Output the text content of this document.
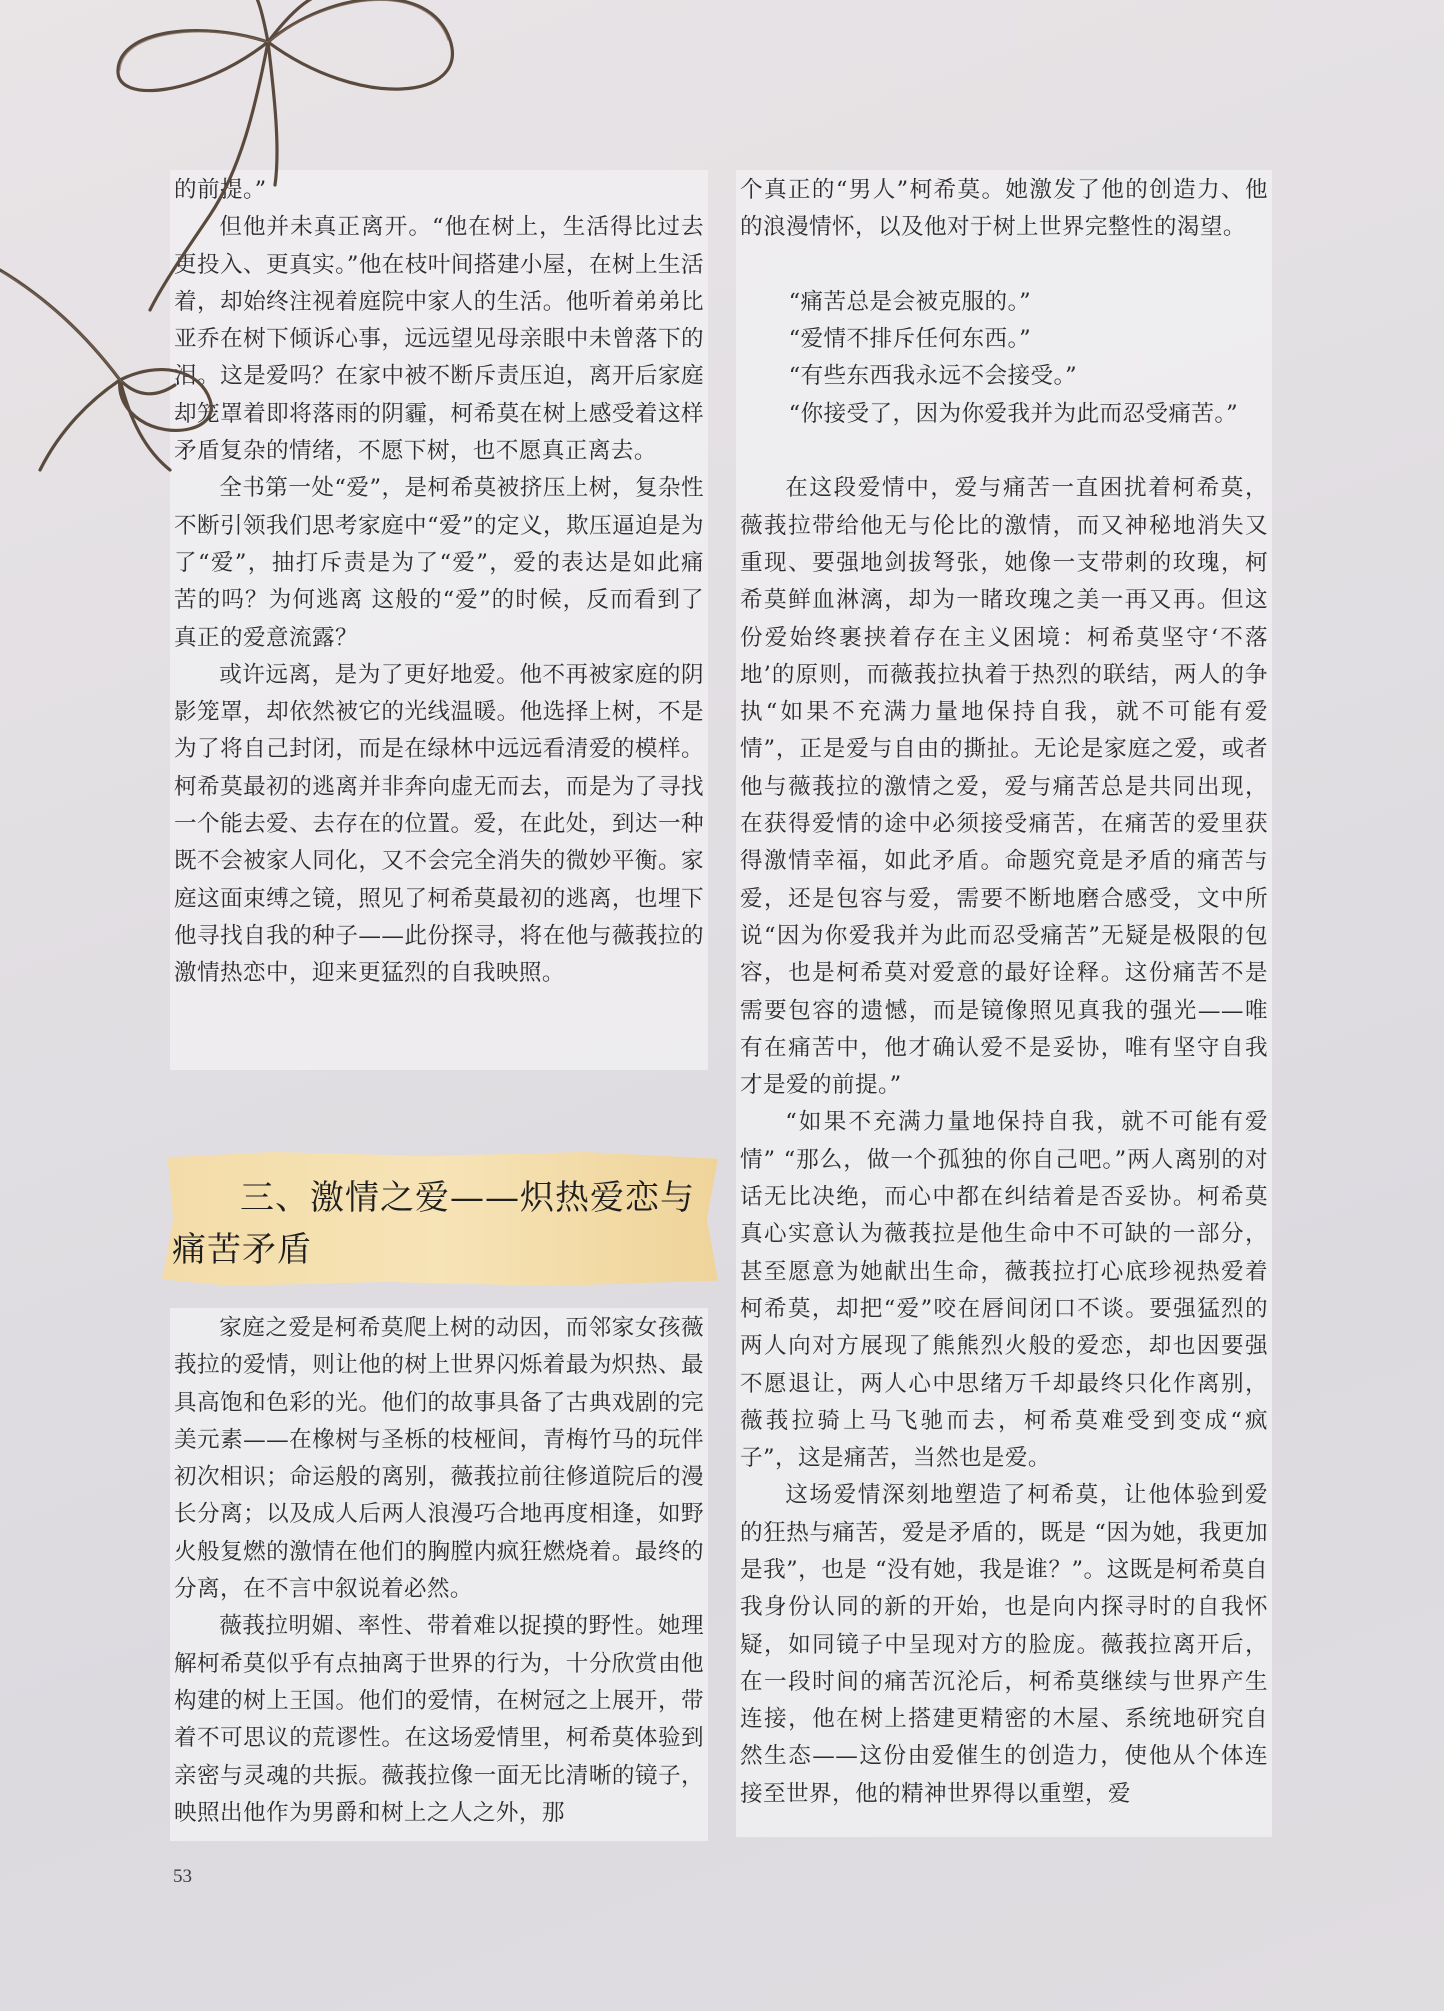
的前提。”

但他并未真正离开。“他在树上，生活得比过去更投入、更真实。”他在枝叶间搭建小屋，在树上生活着，却始终注视着庭院中家人的生活。他听着弟弟比亚乔在树下倾诉心事，远远望见母亲眼中未曾落下的泪。这是爱吗？在家中被不断斥责压迫，离开后家庭却笼罩着即将落雨的阴霾，柯希莫在树上感受着这样矛盾复杂的情绪，不愿下树，也不愿真正离去。

全书第一处“爱”，是柯希莫被挤压上树，复杂性不断引领我们思考家庭中“爱”的定义，欺压逼迫是为了“爱”，抽打斥责是为了“爱”，爱的表达是如此痛苦的吗？为何逃离 这般的“爱”的时候，反而看到了真正的爱意流露？

或许远离，是为了更好地爱。他不再被家庭的阴影笼罩，却依然被它的光线温暖。他选择上树，不是为了将自己封闭，而是在绿林中远远看清爱的模样。柯希莫最初的逃离并非奔向虚无而去，而是为了寻找一个能去爱、去存在的位置。爱，在此处，到达一种既不会被家人同化，又不会完全消失的微妙平衡。家庭这面束缚之镜，照见了柯希莫最初的逃离，也埋下他寻找自我的种子——此份探寻，将在他与薇莪拉的激情热恋中，迎来更猛烈的自我映照。

三、激情之爱——炽热爱恋与痛苦矛盾

家庭之爱是柯希莫爬上树的动因，而邻家女孩薇莪拉的爱情，则让他的树上世界闪烁着最为炽热、最具高饱和色彩的光。他们的故事具备了古典戏剧的完美元素——在橡树与圣栎的枝桠间，青梅竹马的玩伴初次相识；命运般的离别，薇莪拉前往修道院后的漫长分离；以及成人后两人浪漫巧合地再度相逢，如野火般复燃的激情在他们的胸膛内疯狂燃烧着。最终的分离，在不言中叙说着必然。

薇莪拉明媚、率性、带着难以捉摸的野性。她理解柯希莫似乎有点抽离于世界的行为，十分欣赏由他构建的树上王国。他们的爱情，在树冠之上展开，带着不可思议的荒谬性。在这场爱情里，柯希莫体验到亲密与灵魂的共振。薇莪拉像一面无比清晰的镜子，映照出他作为男爵和树上之人之外，那

个真正的“男人”柯希莫。她激发了他的创造力、他的浪漫情怀，以及他对于树上世界完整性的渴望。

“痛苦总是会被克服的。”

“爱情不排斥任何东西。”

“有些东西我永远不会接受。”

“你接受了，因为你爱我并为此而忍受痛苦。”

在这段爱情中，爱与痛苦一直困扰着柯希莫，薇莪拉带给他无与伦比的激情，而又神秘地消失又重现、要强地剑拔弩张，她像一支带刺的玫瑰，柯希莫鲜血淋漓，却为一睹玫瑰之美一再又再。但这份爱始终裹挟着存在主义困境：柯希莫坚守‘不落地’的原则，而薇莪拉执着于热烈的联结，两人的争执“如果不充满力量地保持自我，就不可能有爱情”，正是爱与自由的撕扯。无论是家庭之爱，或者他与薇莪拉的激情之爱，爱与痛苦总是共同出现，在获得爱情的途中必须接受痛苦，在痛苦的爱里获得激情幸福，如此矛盾。命题究竟是矛盾的痛苦与爱，还是包容与爱，需要不断地磨合感受，文中所说“因为你爱我并为此而忍受痛苦”无疑是极限的包容，也是柯希莫对爱意的最好诠释。这份痛苦不是需要包容的遗憾，而是镜像照见真我的强光——唯有在痛苦中，他才确认爱不是妥协，唯有坚守自我才是爱的前提。”

“如果不充满力量地保持自我，就不可能有爱情” “那么，做一个孤独的你自己吧。”两人离别的对话无比决绝，而心中都在纠结着是否妥协。柯希莫真心实意认为薇莪拉是他生命中不可缺的一部分，甚至愿意为她献出生命，薇莪拉打心底珍视热爱着柯希莫，却把“爱”咬在唇间闭口不谈。要强猛烈的两人向对方展现了熊熊烈火般的爱恋，却也因要强不愿退让，两人心中思绪万千却最终只化作离别，薇莪拉骑上马飞驰而去，柯希莫难受到变成“疯子”，这是痛苦，当然也是爱。

这场爱情深刻地塑造了柯希莫，让他体验到爱的狂热与痛苦，爱是矛盾的，既是 “因为她，我更加是我”，也是 “没有她，我是谁？”。这既是柯希莫自我身份认同的新的开始，也是向内探寻时的自我怀疑，如同镜子中呈现对方的脸庞。薇莪拉离开后，在一段时间的痛苦沉沦后，柯希莫继续与世界产生连接，他在树上搭建更精密的木屋、系统地研究自然生态——这份由爱催生的创造力，使他从个体连接至世界，他的精神世界得以重塑，爱

53
